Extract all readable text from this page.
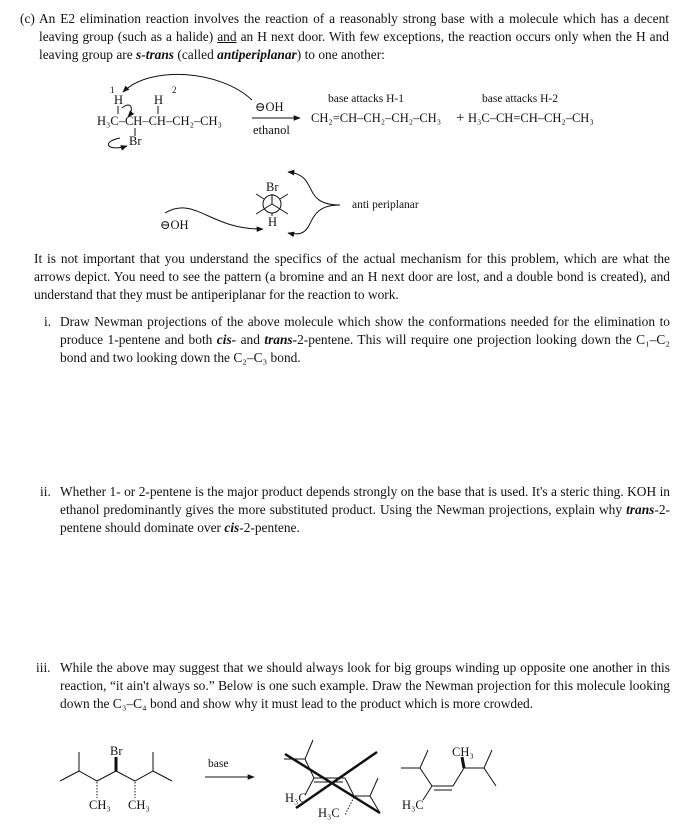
(c) An E2 elimination reaction involves the reaction of a reasonably strong base with a molecule which has a decent leaving group (such as a halide) and an H next door. With few exceptions, the reaction occurs only when the H and leaving group are s-trans (called antiperiplanar) to one another:
1	2
H H
H₃C–CH–CH–CH₂–CH₃
Br
⊖OH
ethanol
base attacks H-1	base attacks H-2
CH₂=CH–CH₂–CH₂–CH₃ + H₃C–CH=CH–CH₂–CH₃
Br
H
⊖OH
anti periplanar
Br
CH₃ CH₃
base
H₃C
H₃C
CH₃
H₃C
It is not important that you understand the specifics of the actual mechanism for this problem, which are what the arrows depict. You need to see the pattern (a bromine and an H next door are lost, and a double bond is created), and understand that they must be antiperiplanar for the reaction to work.
i. Draw Newman projections of the above molecule which show the conformations needed for the elimination to produce 1-pentene and both cis- and trans-2-pentene. This will require one projection looking down the C₁–C₂ bond and two looking down the C₂–C₃ bond.
ii. Whether 1- or 2-pentene is the major product depends strongly on the base that is used. It's a steric thing. KOH in ethanol predominantly gives the more substituted product. Using the Newman projections, explain why trans-2-pentene should dominate over cis-2-pentene.
iii. While the above may suggest that we should always look for big groups winding up opposite one another in this reaction, “it ain't always so.” Below is one such example. Draw the Newman projection for this molecule looking down the C₃–C₄ bond and show why it must lead to the product which is more crowded.
